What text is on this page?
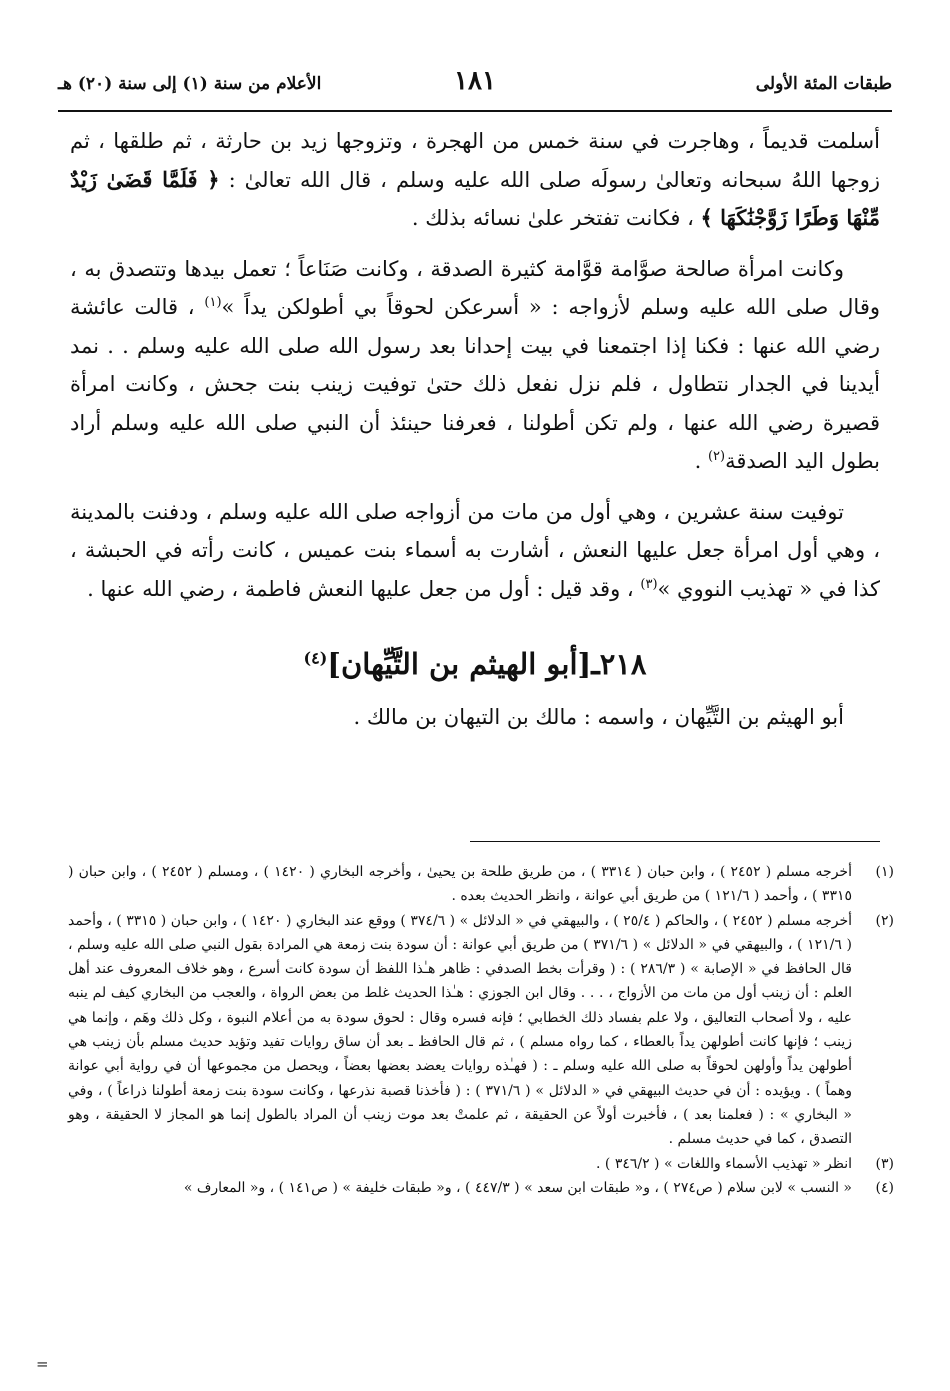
طبقات المئة الأولى
١٨١
الأعلام من سنة (١) إلى سنة (٢٠) هـ

أسلمت قديماً ، وهاجرت في سنة خمس من الهجرة ، وتزوجها زيد بن حارثة ، ثم طلقها ، ثم زوجها اللهُ سبحانه وتعالىٰ رسولَه صلى الله عليه وسلم ، قال الله تعالىٰ : ﴿ فَلَمَّا قَضَىٰ زَيْدٌ مِّنْهَا وَطَرًا زَوَّجْنَٰكَهَا ﴾ ، فكانت تفتخر علىٰ نسائه بذلك .

وكانت امرأة صالحة صوَّامة قوَّامة كثيرة الصدقة ، وكانت صَنَاعاً ؛ تعمل بيدها وتتصدق به ، وقال صلى الله عليه وسلم لأزواجه : « أسرعكن لحوقاً بي أطولكن يداً »$^{(١)}$ ، قالت عائشة رضي الله عنها : فكنا إذا اجتمعنا في بيت إحدانا بعد رسول الله صلى الله عليه وسلم . . نمد أيدينا في الجدار نتطاول ، فلم نزل نفعل ذلك حتىٰ توفيت زينب بنت جحش ، وكانت امرأة قصيرة رضي الله عنها ، ولم تكن أطولنا ، فعرفنا حينئذ أن النبي صلى الله عليه وسلم أراد بطول اليد الصدقة$^{(٢)}$ .

توفيت سنة عشرين ، وهي أول من مات من أزواجه صلى الله عليه وسلم ، ودفنت بالمدينة ، وهي أول امرأة جعل عليها النعش ، أشارت به أسماء بنت عميس ، كانت رأته في الحبشة ، كذا في « تهذيب النووي »$^{(٣)}$ ، وقد قيل : أول من جعل عليها النعش فاطمة ، رضي الله عنها .

٢١٨ـ[أبو الهيثم بن التَّيِّهان]$^{(٤)}$

أبو الهيثم بن التَّيِّهان ، واسمه : مالك بن التيهان بن مالك .

(١)
أخرجه مسلم ( ٢٤٥٢ ) ، وابن حبان ( ٣٣١٤ ) ، من طريق طلحة بن يحيىٰ ، وأخرجه البخاري ( ١٤٢٠ ) ، ومسلم ( ٢٤٥٢ ) ، وابن حبان ( ٣٣١٥ ) ، وأحمد ( ١٢١/٦ ) من طريق أبي عوانة ، وانظر الحديث بعده .
(٢)
أخرجه مسلم ( ٢٤٥٢ ) ، والحاكم ( ٢٥/٤ ) ، والبيهقي في « الدلائل » ( ٣٧٤/٦ ) ووقع عند البخاري ( ١٤٢٠ ) ، وابن حبان ( ٣٣١٥ ) ، وأحمد ( ١٢١/٦ ) ، والبيهقي في « الدلائل » ( ٣٧١/٦ ) من طريق أبي عوانة : أن سودة بنت زمعة هي المرادة بقول النبي صلى الله عليه وسلم ، قال الحافظ في « الإصابة » ( ٢٨٦/٣ ) : ( وقرأت بخط الصدفي : ظاهر هـٰذا اللفظ أن سودة كانت أسرع ، وهو خلاف المعروف عند أهل العلم : أن زينب أول من مات من الأزواج ، . . . وقال ابن الجوزي : هـٰذا الحديث غلط من بعض الرواة ، والعجب من البخاري كيف لم ينبه عليه ، ولا أصحاب التعاليق ، ولا علم بفساد ذلك الخطابي ؛ فإنه فسره وقال : لحوق سودة به من أعلام النبوة ، وكل ذلك وهَم ، وإنما هي زينب ؛ فإنها كانت أطولهن يداً بالعطاء ، كما رواه مسلم ) ، ثم قال الحافظ ـ بعد أن ساق روايات تفيد وتؤيد حديث مسلم بأن زينب هي أطولهن يداً وأولهن لحوقاً به صلى الله عليه وسلم ـ : ( فهـٰذه روايات يعضد بعضها بعضاً ، ويحصل من مجموعها أن في رواية أبي عوانة وهماً ) . ويؤيده : أن في حديث البيهقي في « الدلائل » ( ٣٧١/٦ ) : ( فأخذنا قصبة نذرعها ، وكانت سودة بنت زمعة أطولنا ذراعاً ) ، وفي « البخاري » : ( فعلمنا بعد ) ، فأخبرت أولاً عن الحقيقة ، ثم علمتْ بعد موت زينب أن المراد بالطول إنما هو المجاز لا الحقيقة ، وهو التصدق ، كما في حديث مسلم .
(٣)
انظر « تهذيب الأسماء واللغات » ( ٣٤٦/٢ ) .
(٤)
« النسب » لابن سلام ( ص٢٧٤ ) ، و« طبقات ابن سعد » ( ٤٤٧/٣ ) ، و« طبقات خليفة » ( ص١٤١ ) ، و« المعارف »
=
